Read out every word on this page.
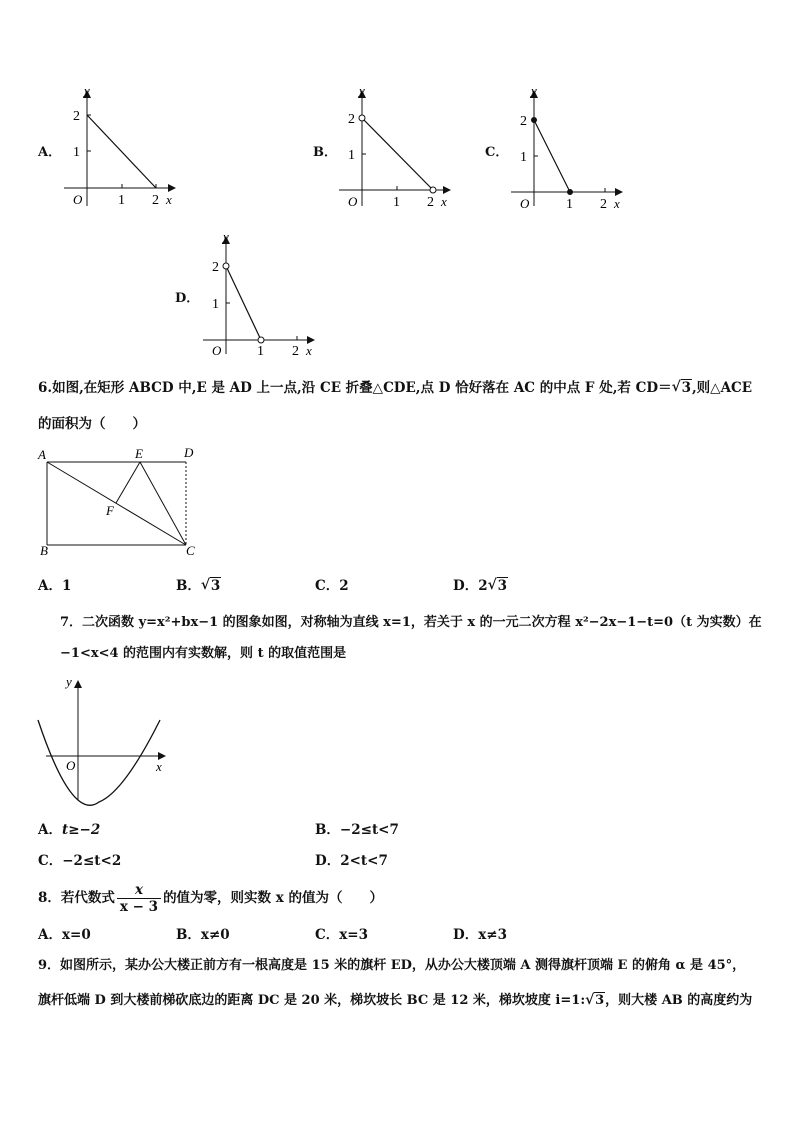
A．
y
2
1
O	1 2 x
B．
y
2
1
O	1 2 x
C．
y
2
1
O	1 2 x
D．
y
2
1
O	1 2 x
6.如图,在矩形 ABCD 中,E 是 AD 上一点,沿 CE 折叠△CDE,点 D 恰好落在 AC 的中点 F 处,若 CD＝ √ 3,则△ACE
的面积为（　　）
A	E	D
F
B	C
A．1	B． √ 3	C．2	D．2 √ 3
7．二次函数 y=x²+bx−1 的图象如图，对称轴为直线 x=1，若关于 x 的一元二次方程 x²−2x−1−t=0（t 为实数）在
−1<x<4 的范围内有实数解，则 t 的取值范围是
y
O	x
A．t≥−2	B．−2≤t<7
C．−2≤t<2	D．2<t<7
8．若代数式 $\frac{x}{x - 3}$ 的值为零，则实数 x 的值为（　　）
A．x=0	B．x≠0	C．x=3	D．x≠3
9．如图所示，某办公大楼正前方有一根高度是 15 米的旗杆 ED，从办公大楼顶端 A 测得旗杆顶端 E 的俯角 α 是 45°，
旗杆低端 D 到大楼前梯砍底边的距离 DC 是 20 米，梯坎坡长 BC 是 12 米，梯坎坡度 i=1: √ 3，则大楼 AB 的高度约为
